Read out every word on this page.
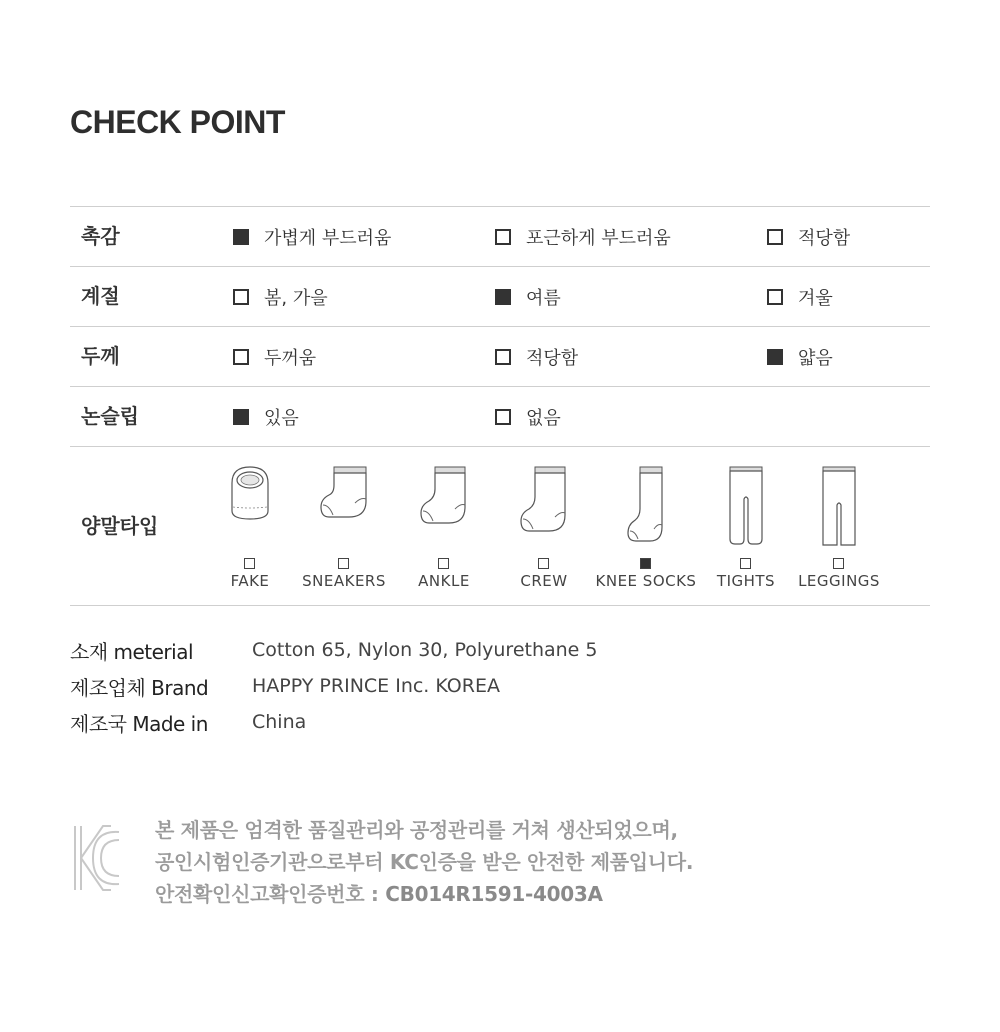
CHECK POINT
촉감	가볍게 부드러움	포근하게 부드러움	적당함
계절	봄, 가을	여름	겨울
두께	두꺼움	적당함	얇음
논슬립	있음	없음
양말타입
FAKE	SNEAKERS	ANKLE	CREW	KNEE SOCKS	TIGHTS	LEGGINGS
소재 meterial	Cotton 65, Nylon 30, Polyurethane 5
제조업체 Brand	HAPPY PRINCE Inc. KOREA
제조국 Made in	China
본 제품은 엄격한 품질관리와 공정관리를 거쳐 생산되었으며,
공인시험인증기관으로부터 KC인증을 받은 안전한 제품입니다.
안전확인신고확인증번호 : CB014R1591-4003A
